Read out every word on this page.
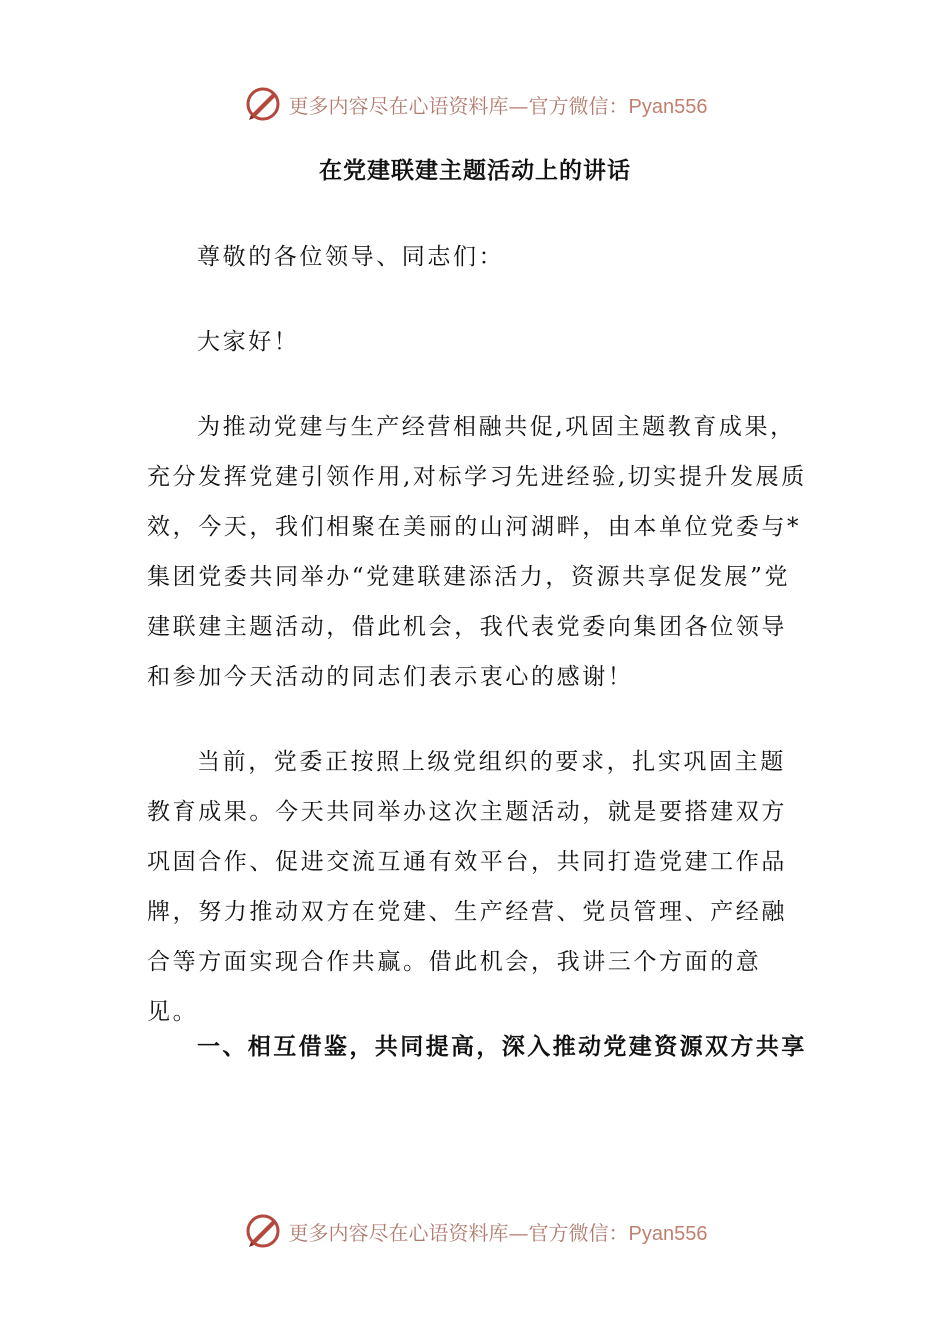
更多内容尽在心语资料库—官方微信：Pyan556
在党建联建主题活动上的讲话

尊敬的各位领导、同志们：

大家好！

为推动党建与生产经营相融共促,巩固主题教育成果，充分发挥党建引领作用,对标学习先进经验,切实提升发展质效，今天，我们相聚在美丽的山河湖畔，由本单位党委与*集团党委共同举办“党建联建添活力，资源共享促发展”党建联建主题活动，借此机会，我代表党委向集团各位领导和参加今天活动的同志们表示衷心的感谢！

当前，党委正按照上级党组织的要求，扎实巩固主题教育成果。今天共同举办这次主题活动，就是要搭建双方巩固合作、促进交流互通有效平台，共同打造党建工作品牌，努力推动双方在党建、生产经营、党员管理、产经融合等方面实现合作共赢。借此机会，我讲三个方面的意见。

一、相互借鉴，共同提高，深入推动党建资源双方共享

更多内容尽在心语资料库—官方微信：Pyan556
